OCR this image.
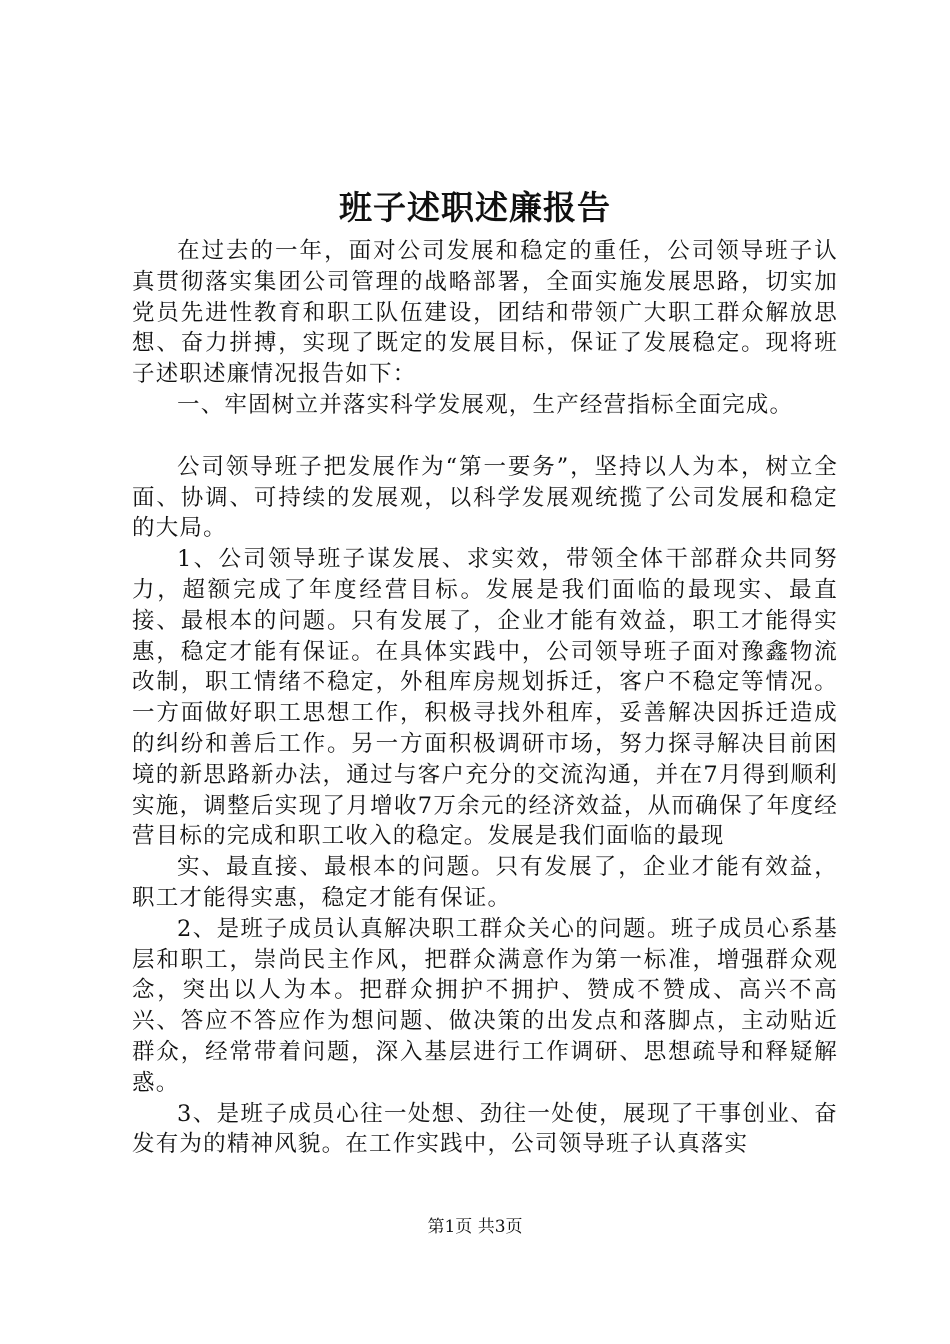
班子述职述廉报告

在过去的一年，面对公司发展和稳定的重任，公司领导班子认真贯彻落实集团公司管理的战略部署，全面实施发展思路，切实加党员先进性教育和职工队伍建设，团结和带领广大职工群众解放思想、奋力拼搏，实现了既定的发展目标，保证了发展稳定。现将班子述职述廉情况报告如下：

一、牢固树立并落实科学发展观，生产经营指标全面完成。

公司领导班子把发展作为“第一要务”，坚持以人为本，树立全面、协调、可持续的发展观，以科学发展观统揽了公司发展和稳定的大局。

1、公司领导班子谋发展、求实效，带领全体干部群众共同努力，超额完成了年度经营目标。发展是我们面临的最现实、最直接、最根本的问题。只有发展了，企业才能有效益，职工才能得实惠，稳定才能有保证。在具体实践中，公司领导班子面对豫鑫物流改制，职工情绪不稳定，外租库房规划拆迁，客户不稳定等情况。一方面做好职工思想工作，积极寻找外租库，妥善解决因拆迁造成的纠纷和善后工作。另一方面积极调研市场，努力探寻解决目前困境的新思路新办法，通过与客户充分的交流沟通，并在7月得到顺利实施，调整后实现了月增收7万余元的经济效益，从而确保了年度经营目标的完成和职工收入的稳定。发展是我们面临的最现

实、最直接、最根本的问题。只有发展了，企业才能有效益，职工才能得实惠，稳定才能有保证。

2、是班子成员认真解决职工群众关心的问题。班子成员心系基层和职工，崇尚民主作风，把群众满意作为第一标准，增强群众观念，突出以人为本。把群众拥护不拥护、赞成不赞成、高兴不高兴、答应不答应作为想问题、做决策的出发点和落脚点，主动贴近群众，经常带着问题，深入基层进行工作调研、思想疏导和释疑解惑。

3、是班子成员心往一处想、劲往一处使，展现了干事创业、奋发有为的精神风貌。在工作实践中，公司领导班子认真落实

第1页 共3页
